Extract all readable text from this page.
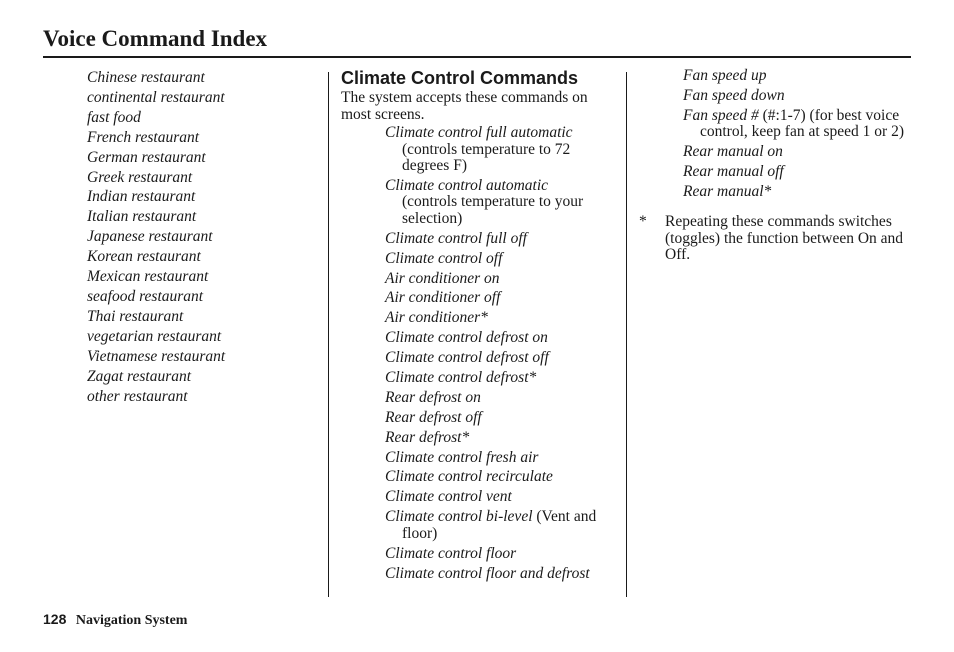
Voice Command Index
Chinese restaurant
continental restaurant
fast food
French restaurant
German restaurant
Greek restaurant
Indian restaurant
Italian restaurant
Japanese restaurant
Korean restaurant
Mexican restaurant
seafood restaurant
Thai restaurant
vegetarian restaurant
Vietnamese restaurant
Zagat restaurant
other restaurant
Climate Control Commands
The system accepts these commands on most screens.
Climate control full automatic
(controls temperature to 72 degrees F)
Climate control automatic
(controls temperature to your selection)
Climate control full off
Climate control off
Air conditioner on
Air conditioner off
Air conditioner*
Climate control defrost on
Climate control defrost off
Climate control defrost*
Rear defrost on
Rear defrost off
Rear defrost*
Climate control fresh air
Climate control recirculate
Climate control vent
Climate control bi-level (Vent and floor)
Climate control floor
Climate control floor and defrost
Fan speed up
Fan speed down
Fan speed # (#:1-7) (for best voice control, keep fan at speed 1 or 2)
Rear manual on
Rear manual off
Rear manual*
*	Repeating these commands switches (toggles) the function between On and Off.
128 Navigation System
